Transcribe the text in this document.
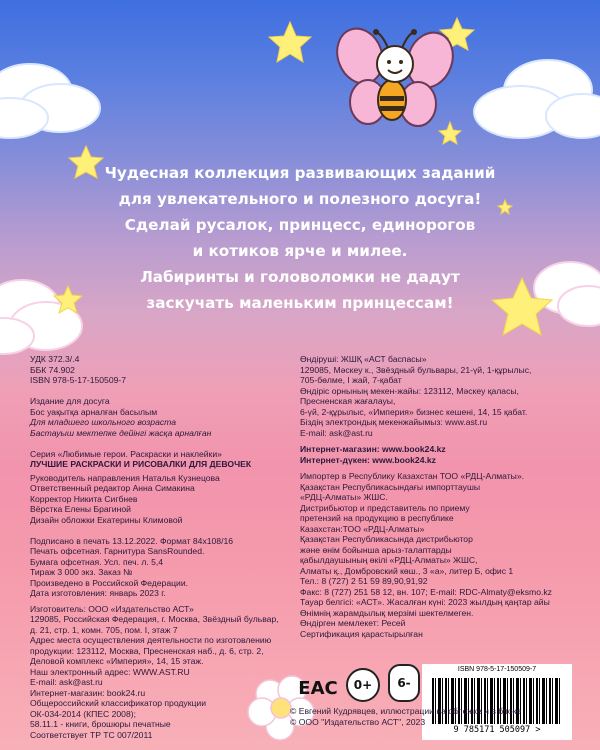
Чудесная коллекция развивающих заданий
для увлекательного и полезного досуга!
Сделай русалок, принцесс, единорогов
и котиков ярче и милее.
Лабиринты и головоломки не дадут
заскучать маленьким принцессам!
УДК 372.3/.4
ББК 74.902
ISBN 978-5-17-150509-7
Издание для досуга
Бос уақытқа арналған басылым
Для младшего школьного возраста
Бастауыш мектепке дейінгі жасқа арналған
Серия «Любимые герои. Раскраски и наклейки»
ЛУЧШИЕ РАСКРАСКИ И РИСОВАЛКИ ДЛЯ ДЕВОЧЕК
Руководитель направления Наталья Кузнецова
Ответственный редактор Анна Симакина
Корректор Никита Сигбнев
Вёрстка Елены Брагиной
Дизайн обложки Екатерины Климовой
Подписано в печать 13.12.2022. Формат 84x108/16
Печать офсетная. Гарнитура SansRounded.
Бумага офсетная. Усл. печ. л. 5,4
Тираж 3 000 экз. Заказ №
Произведено в Российской Федерации.
Дата изготовления: январь 2023 г.
Изготовитель: ООО «Издательство АСТ»
129085, Российская Федерация, г. Москва, Звёздный бульвар,
д. 21, стр. 1, комн. 705, пом. I, этаж 7
Адрес места осуществления деятельности по изготовлению
продукции: 123112, Москва, Пресненская наб., д. 6, стр. 2,
Деловой комплекс «Империя», 14, 15 этаж.
Наш электронный адрес: WWW.AST.RU
E-mail: ask@ast.ru
Интернет-магазин: book24.ru
Общероссийский классификатор продукции
ОК-034-2014 (КПЕС 2008);
58.11.1 - книги, брошюры печатные
Соответствует ТР ТС 007/2011
Өндіруші: ЖШҚ «АСТ баспасы»
129085, Мәскеу к., Звёздный бульвары, 21-үй, 1-құрылыс,
705-бөлме, I жай, 7-қабат
Өндіріс орнының мекен-жайы: 123112, Мәскеу қаласы,
Пресненская жағалауы,
6-үй, 2-құрылыс, «Империя» бизнес кешені, 14, 15 қабат.
Біздің электрондық мекенжайымыз: www.ast.ru
E-mail: ask@ast.ru
Интернет-магазин: www.book24.kz
Интернет-дүкен: www.book24.kz
Импортер в Республику Казахстан ТОО «РДЦ-Алматы».
Қазақстан Республикасындағы импорттаушы
«РДЦ-Алматы» ЖШС.
Дистрибьютор и представитель по приему
претензий на продукцию в республике
Казахстан:ТОО «РДЦ-Алматы»
Қазақстан Республикасында дистрибьютор
және өнім бойынша арыз-талаптарды
қабылдаушының өкілі «РДЦ-Алматы» ЖШС,
Алматы қ., Домбровский көш., 3 «а», литер Б, офис 1
Тел.: 8 (727) 2 51 59 89,90,91,92
Факс: 8 (727) 251 58 12, вн. 107; E-mail: RDC-Almaty@eksmo.kz
Тауар белгісі: «АСТ». Жасалған күні: 2023 жылдың қаңтар айы
Өнімнің жарамдылық мерзімі шектелмеген.
Өндірген мемлекет: Ресей
Сертификация қарастырылған
EAC 0+ 6-
ISBN 978-5-17-150509-7
9 785171 505097 >
© Евгений Кудрявцев, иллюстрации на обложке и в блоке
© ООО "Издательство АСТ", 2023
